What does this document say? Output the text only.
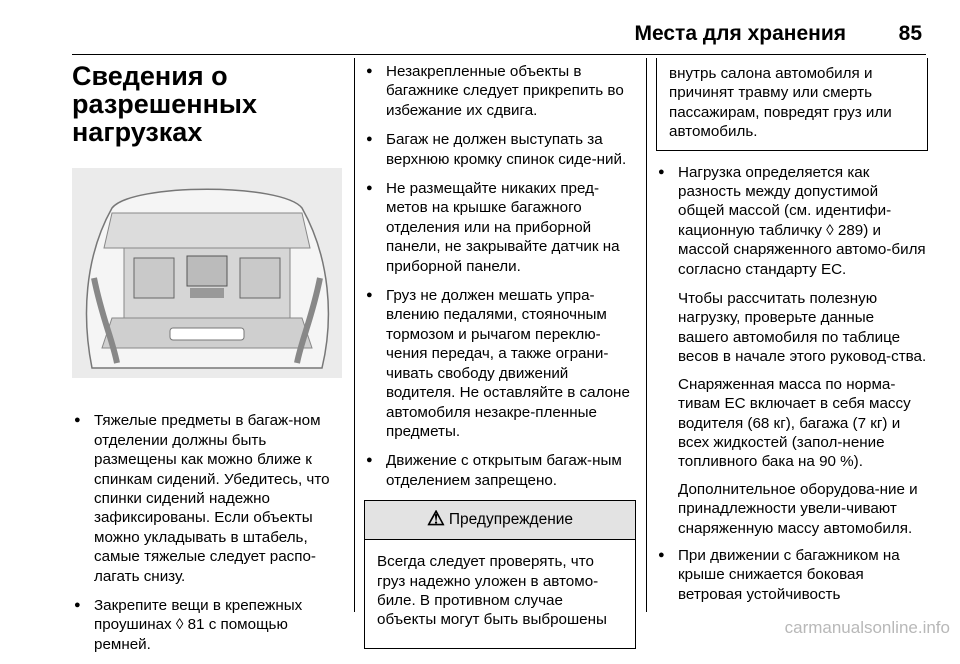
Места для хранения	85
Сведения о разрешенных нагрузках
● Тяжелые предметы в багаж-ном отделении должны быть размещены как можно ближе к спинкам сидений. Убедитесь, что спинки сидений надежно зафиксированы. Если объекты можно укладывать в штабель, самые тяжелые следует распо-лагать снизу.
● Закрепите вещи в крепежных проушинах ◊ 81 с помощью ремней.
● Незакрепленные объекты в багажнике следует прикрепить во избежание их сдвига.
● Багаж не должен выступать за верхнюю кромку спинок сиде-ний.
● Не размещайте никаких пред-метов на крышке багажного отделения или на приборной панели, не закрывайте датчик на приборной панели.
● Груз не должен мешать упра-влению педалями, стояночным тормозом и рычагом переклю-чения передач, а также ограни-чивать свободу движений водителя. Не оставляйте в салоне автомобиля незакре-пленные предметы.
● Движение с открытым багаж-ным отделением запрещено.
⚠ Предупреждение
Всегда следует проверять, что груз надежно уложен в автомо-биле. В противном случае объекты могут быть выброшены
внутрь салона автомобиля и причинят травму или смерть пассажирам, повредят груз или автомобиль.
● Нагрузка определяется как разность между допустимой общей массой (см. идентифи-кационную табличку ◊ 289) и массой снаряженного автомо-биля согласно стандарту ЕС.

Чтобы рассчитать полезную нагрузку, проверьте данные вашего автомобиля по таблице весов в начале этого руковод-ства.

Снаряженная масса по норма-тивам ЕС включает в себя массу водителя (68 кг), багажа (7 кг) и всех жидкостей (запол-нение топливного бака на 90 %).

Дополнительное оборудова-ние и принадлежности увели-чивают снаряженную массу автомобиля.

● При движении с багажником на крыше снижается боковая ветровая устойчивость
carmanualsonline.info
